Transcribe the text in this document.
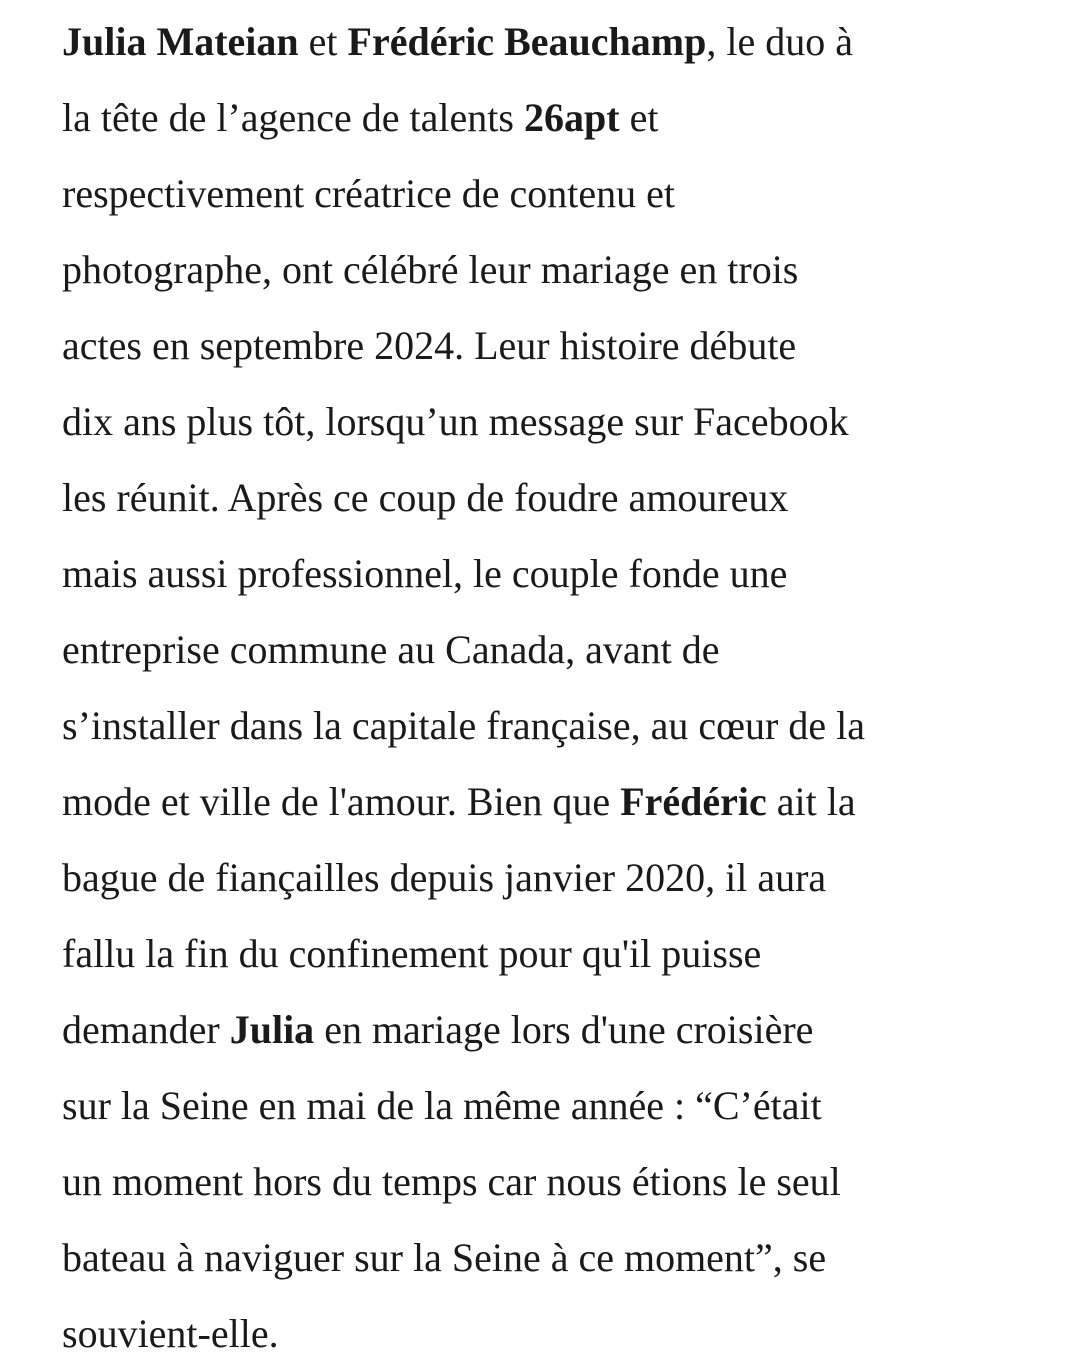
Julia Mateian et Frédéric Beauchamp, le duo à
la tête de l’agence de talents 26apt et
respectivement créatrice de contenu et
photographe, ont célébré leur mariage en trois
actes en septembre 2024. Leur histoire débute
dix ans plus tôt, lorsqu’un message sur Facebook
les réunit. Après ce coup de foudre amoureux
mais aussi professionnel, le couple fonde une
entreprise commune au Canada, avant de
s’installer dans la capitale française, au cœur de la
mode et ville de l'amour. Bien que Frédéric ait la
bague de fiançailles depuis janvier 2020, il aura
fallu la fin du confinement pour qu'il puisse
demander Julia en mariage lors d'une croisière
sur la Seine en mai de la même année : “C’était
un moment hors du temps car nous étions le seul
bateau à naviguer sur la Seine à ce moment”, se
souvient-elle.
